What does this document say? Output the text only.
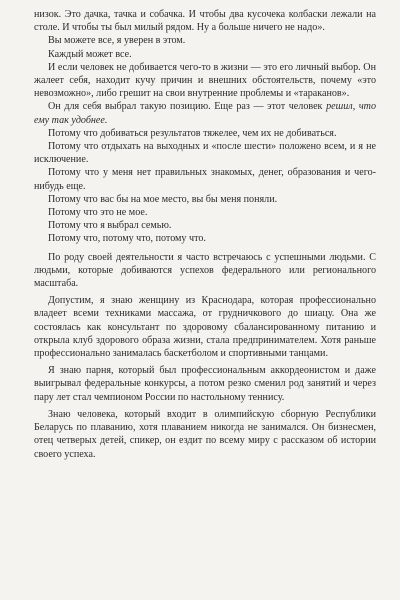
низок. Это дачка, тачка и собачка. И чтобы два кусочека колбаски лежали на столе. И чтобы ты был милый рядом. Ну а больше ничего не надо».

Вы можете все, я уверен в этом.

Каждый может все.

И если человек не добивается чего-то в жизни — это его личный выбор. Он жалеет себя, находит кучу причин и внешних обстоятельств, почему «это невозможно», либо грешит на свои внутренние проблемы и «тараканов».

Он для себя выбрал такую позицию. Еще раз — этот человек решил, что ему так удобнее.

Потому что добиваться результатов тяжелее, чем их не добиваться.

Потому что отдыхать на выходных и «после шести» положено всем, и я не исключение.

Потому что у меня нет правильных знакомых, денег, образования и чего-нибудь еще.

Потому что вас бы на мое место, вы бы меня поняли.

Потому что это не мое.

Потому что я выбрал семью.

Потому что, потому что, потому что.

По роду своей деятельности я часто встречаюсь с успешными людьми. С людьми, которые добиваются успехов федерального или регионального масштаба.

Допустим, я знаю женщину из Краснодара, которая профессионально владеет всеми техниками массажа, от грудничкового до шиацу. Она же состоялась как консультант по здоровому сбалансированному питанию и открыла клуб здорового образа жизни, стала предпринимателем. Хотя раньше профессионально занималась баскетболом и спортивными танцами.

Я знаю парня, который был профессиональным аккордеонистом и даже выигрывал федеральные конкурсы, а потом резко сменил род занятий и через пару лет стал чемпионом России по настольному теннису.

Знаю человека, который входит в олимпийскую сборную Республики Беларусь по плаванию, хотя плаванием никогда не занимался. Он бизнесмен, отец четверых детей, спикер, он ездит по всему миру с рассказом об истории своего успеха.
